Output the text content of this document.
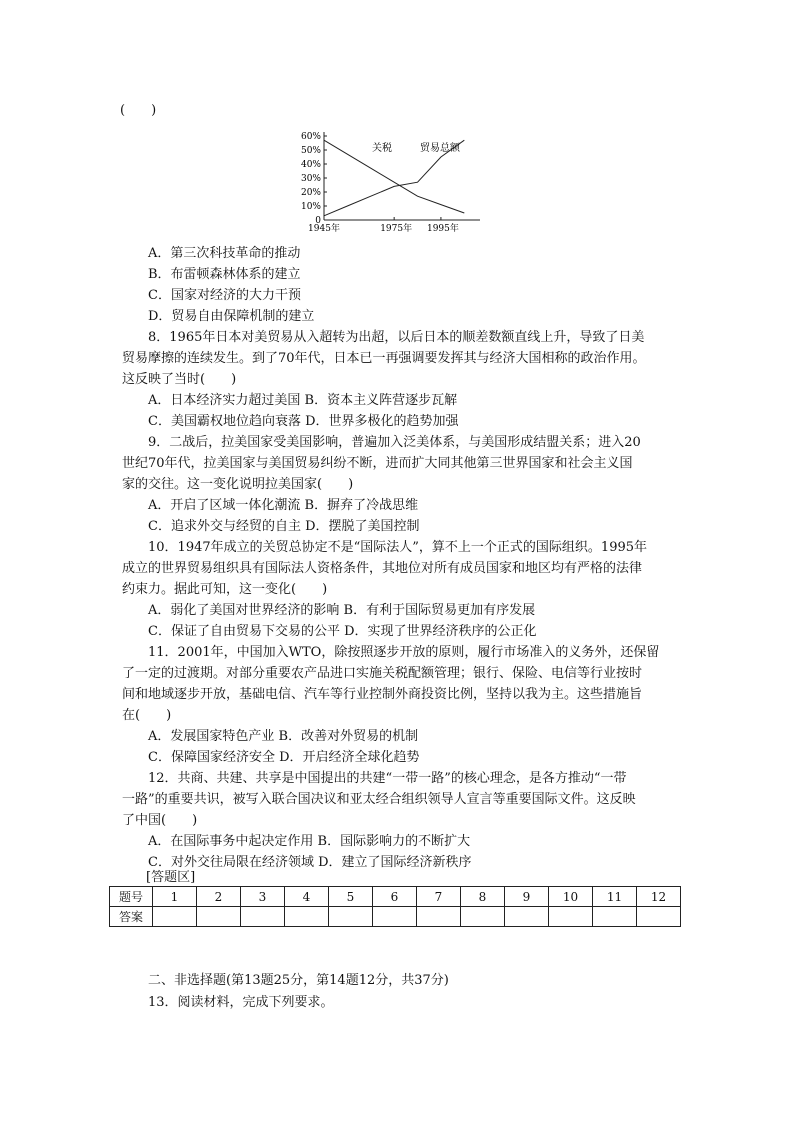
(　　)
0
10%
20%
30%
40%
50%
60%
1945年	1975年 1995年
关税	贸易总额
A．第三次科技革命的推动
B．布雷顿森林体系的建立
C．国家对经济的大力干预
D．贸易自由保障机制的建立
8．1965年日本对美贸易从入超转为出超，以后日本的顺差数额直线上升，导致了日美
贸易摩擦的连续发生。到了70年代，日本已一再强调要发挥其与经济大国相称的政治作用。
这反映了当时(　　)
A．日本经济实力超过美国 B．资本主义阵营逐步瓦解
C．美国霸权地位趋向衰落 D．世界多极化的趋势加强
9．二战后，拉美国家受美国影响，普遍加入泛美体系，与美国形成结盟关系；进入20
世纪70年代，拉美国家与美国贸易纠纷不断，进而扩大同其他第三世界国家和社会主义国
家的交往。这一变化说明拉美国家(　　)
A．开启了区域一体化潮流 B．摒弃了冷战思维
C．追求外交与经贸的自主 D．摆脱了美国控制
10．1947年成立的关贸总协定不是“国际法人”，算不上一个正式的国际组织。1995年
成立的世界贸易组织具有国际法人资格条件，其地位对所有成员国家和地区均有严格的法律
约束力。据此可知，这一变化(　　)
A．弱化了美国对世界经济的影响 B．有利于国际贸易更加有序发展
C．保证了自由贸易下交易的公平 D．实现了世界经济秩序的公正化
11．2001年，中国加入WTO，除按照逐步开放的原则，履行市场准入的义务外，还保留
了一定的过渡期。对部分重要农产品进口实施关税配额管理；银行、保险、电信等行业按时
间和地域逐步开放，基础电信、汽车等行业控制外商投资比例，坚持以我为主。这些措施旨
在(　　)
A．发展国家特色产业 B．改善对外贸易的机制
C．保障国家经济安全 D．开启经济全球化趋势
12．共商、共建、共享是中国提出的共建“一带一路”的核心理念，是各方推动“一带
一路”的重要共识，被写入联合国决议和亚太经合组织领导人宣言等重要国际文件。这反映
了中国(　　)
A．在国际事务中起决定作用 B．国际影响力的不断扩大
C．对外交往局限在经济领域 D．建立了国际经济新秩序
[答题区]
题号	1	2	3	4	5	6	7	8	9	10	11	12
答案												
二、非选择题(第13题25分，第14题12分，共37分)
13．阅读材料，完成下列要求。
